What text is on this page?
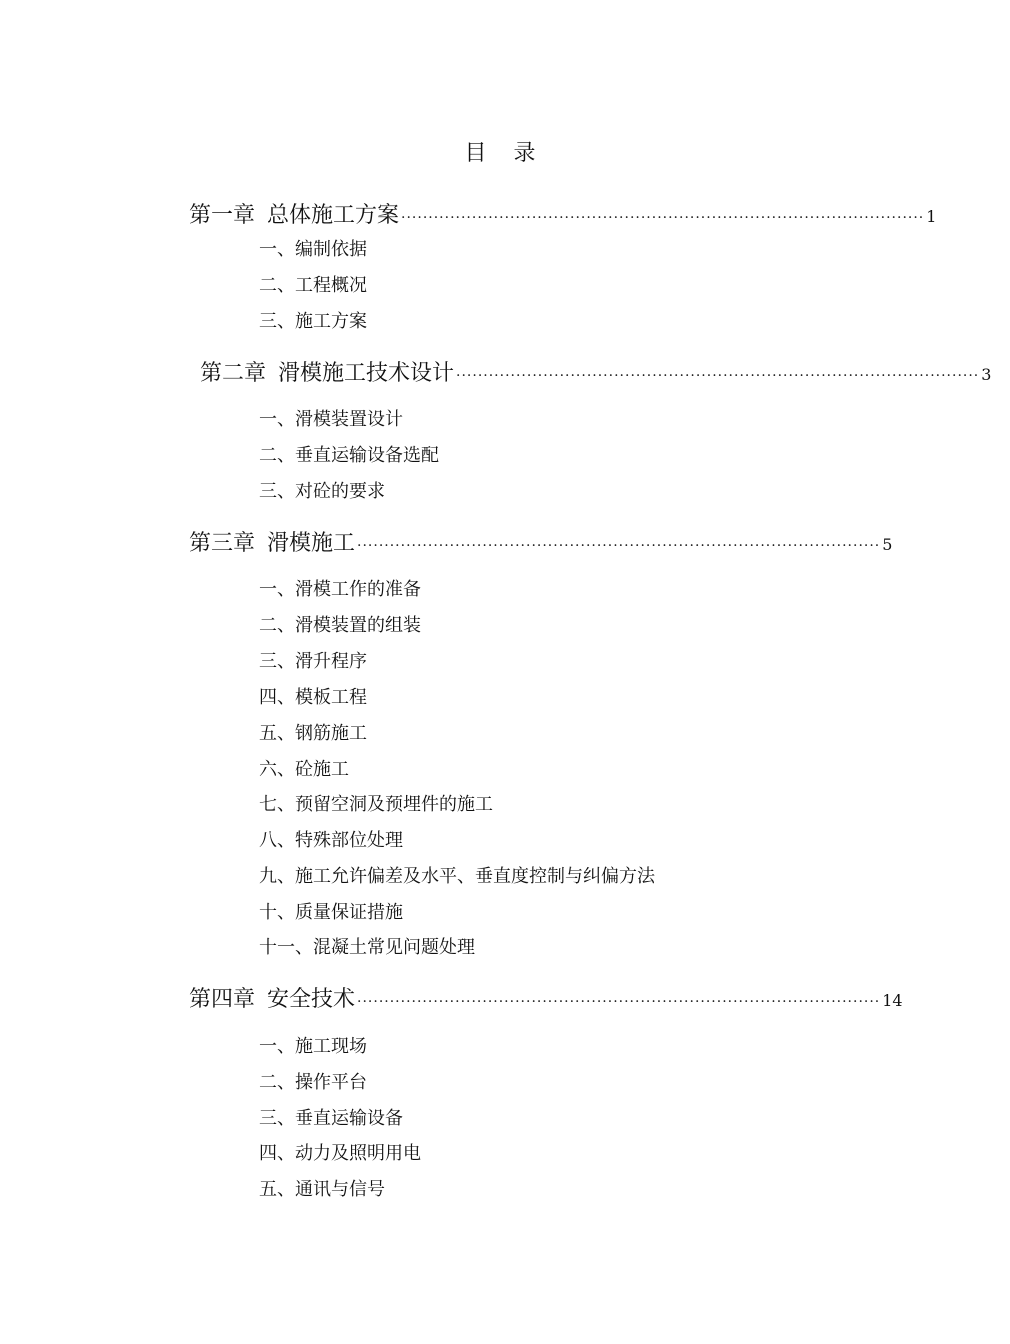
目 录
第一章 总体施工方案 ································································································ 1
一、编制依据
二、工程概况
三、施工方案
第二章 滑模施工技术设计 ································································································ 3
一、滑模装置设计
二、垂直运输设备选配
三、对砼的要求
第三章 滑模施工 ································································································ 5
一、滑模工作的准备
二、滑模装置的组装
三、滑升程序
四、模板工程
五、钢筋施工
六、砼施工
七、预留空洞及预埋件的施工
八、特殊部位处理
九、施工允许偏差及水平、垂直度控制与纠偏方法
十、质量保证措施
十一、混凝土常见问题处理
第四章 安全技术 ································································································ 14
一、施工现场
二、操作平台
三、垂直运输设备
四、动力及照明用电
五、通讯与信号
